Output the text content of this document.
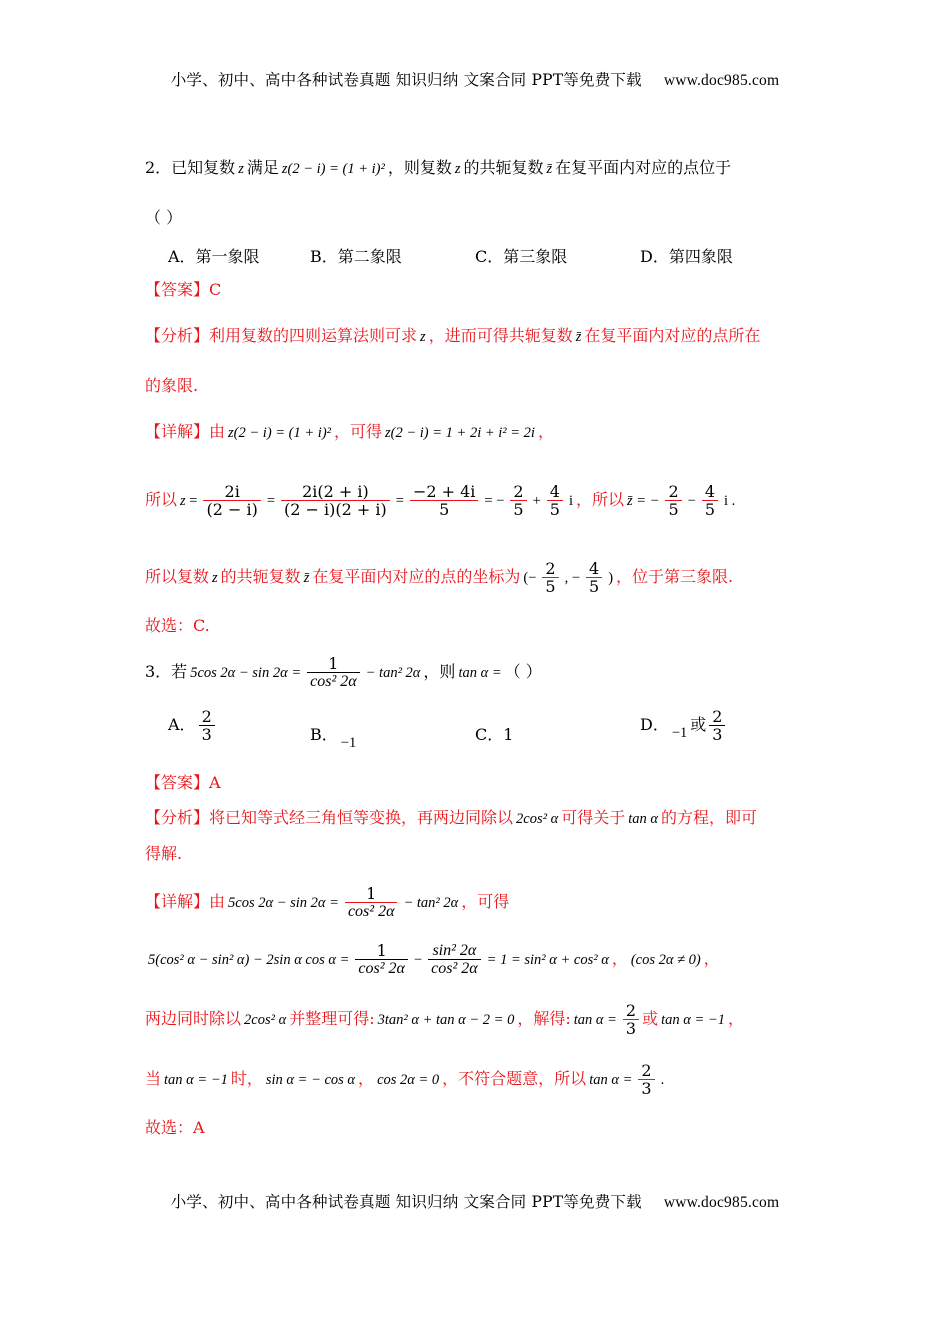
小学、初中、高中各种试卷真题 知识归纳 文案合同 PPT等免费下载 www.doc985.com
2．已知复数 z 满足 z(2 − i) = (1 + i)² ，则复数 z 的共轭复数 z̄ 在复平面内对应的点位于
（ ）
A．第一象限	B．第二象限	C．第三象限	D．第四象限
【答案】C
【分析】利用复数的四则运算法则可求 z ，进而可得共轭复数 z̄ 在复平面内对应的点所在
的象限.
【详解】由 z(2 − i) = (1 + i)² ，可得 z(2 − i) = 1 + 2i + i² = 2i ，
所以 $z = \frac{2i}{(2 - i)} = \frac{2i(2 + i)}{(2 - i)(2 + i)} = \frac{-2 + 4i}{5}$ = − $\frac{2}{5} + \frac{4}{5}$ i ，所以 z̄ = − $\frac{2}{5} - \frac{4}{5}$ i .
所以复数 z 的共轭复数 z̄ 在复平面内对应的点的坐标为 (− $\frac{2}{5}$ , − $\frac{4}{5}$ ) ，位于第三象限.
故选：C.
3．若 5cos $2\alpha - \sin 2\alpha = \frac{1}{\text{cos² 2α}} - \tan^2$ 2α ，则 tan α = （ ）
A． $\frac{2}{3}$	B． −1	C．1
D． −1 或 $\frac{2}{3}$
【答案】A
【分析】将已知等式经三角恒等变换，再两边同除以 2cos² α 可得关于 tan α 的方程，即可
得解.
【详解】由 5cos $2\alpha - \sin 2\alpha = \frac{1}{\text{cos² 2α}} - \tan^2$ 2α ，可得
5(cos² α − sin² α) − 2sin α $\cos \alpha = \frac{1}{\text{cos² 2α}} - \frac{\text{sin² 2α}}{\text{cos² 2α}} = 1 = \sin^2$ α + cos² α ， (cos 2α ≠ 0) ，
两边同时除以 2cos² α 并整理可得: 3tan² α + tan α − 2 = 0 ，解得: $\tan \alpha = \frac{2}{3}$ 或 tan α = −1 ，
当 tan α = −1 时， sin α = − cos α ， cos 2α = 0 ，不符合题意，所以 $\tan \alpha = \frac{2}{3}$ .
故选：A
小学、初中、高中各种试卷真题 知识归纳 文案合同 PPT等免费下载 www.doc985.com
